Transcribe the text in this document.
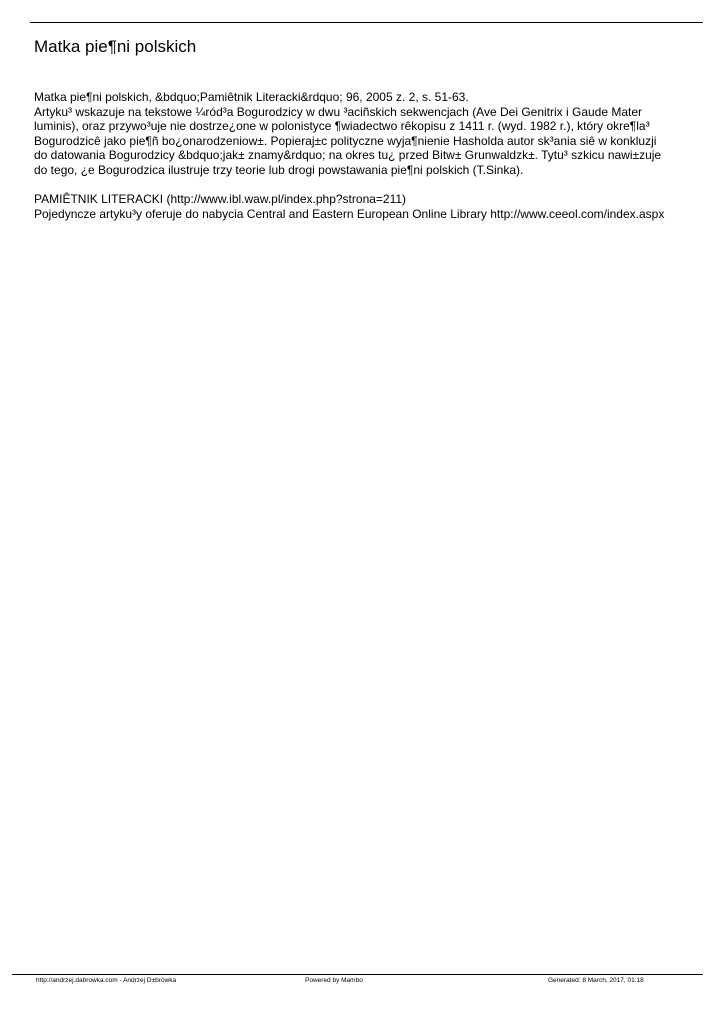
Matka pie¶ni polskich
Matka pie¶ni polskich, &bdquo;Pamiêtnik Literacki&rdquo; 96, 2005 z. 2, s. 51-63.
Artyku³ wskazuje na tekstowe ¼ród³a Bogurodzicy w dwu ³aciñskich sekwencjach (Ave Dei Genitrix i Gaude Mater
luminis), oraz przywo³uje nie dostrze¿one w polonistyce ¶wiadectwo rêkopisu z 1411 r. (wyd. 1982 r.), który okre¶la³
Bogurodzicê jako pie¶ñ bo¿onarodzeniow±. Popieraj±c polityczne wyja¶nienie Hasholda autor sk³ania siê w konkluzji
do datowania Bogurodzicy &bdquo;jak± znamy&rdquo; na okres tu¿ przed Bitw± Grunwaldzk±. Tytu³ szkicu nawi±zuje
do tego, ¿e Bogurodzica ilustruje trzy teorie lub drogi powstawania pie¶ni polskich (T.Sinka).
PAMIÊTNIK LITERACKI (http://www.ibl.waw.pl/index.php?strona=211)
Pojedyncze artyku³y oferuje do nabycia Central and Eastern European Online Library http://www.ceeol.com/index.aspx
http://andrzej.dabrowka.com - Andrzej D±bròwka	Powered by Mambo	Generated: 8 March, 2017, 01:18
